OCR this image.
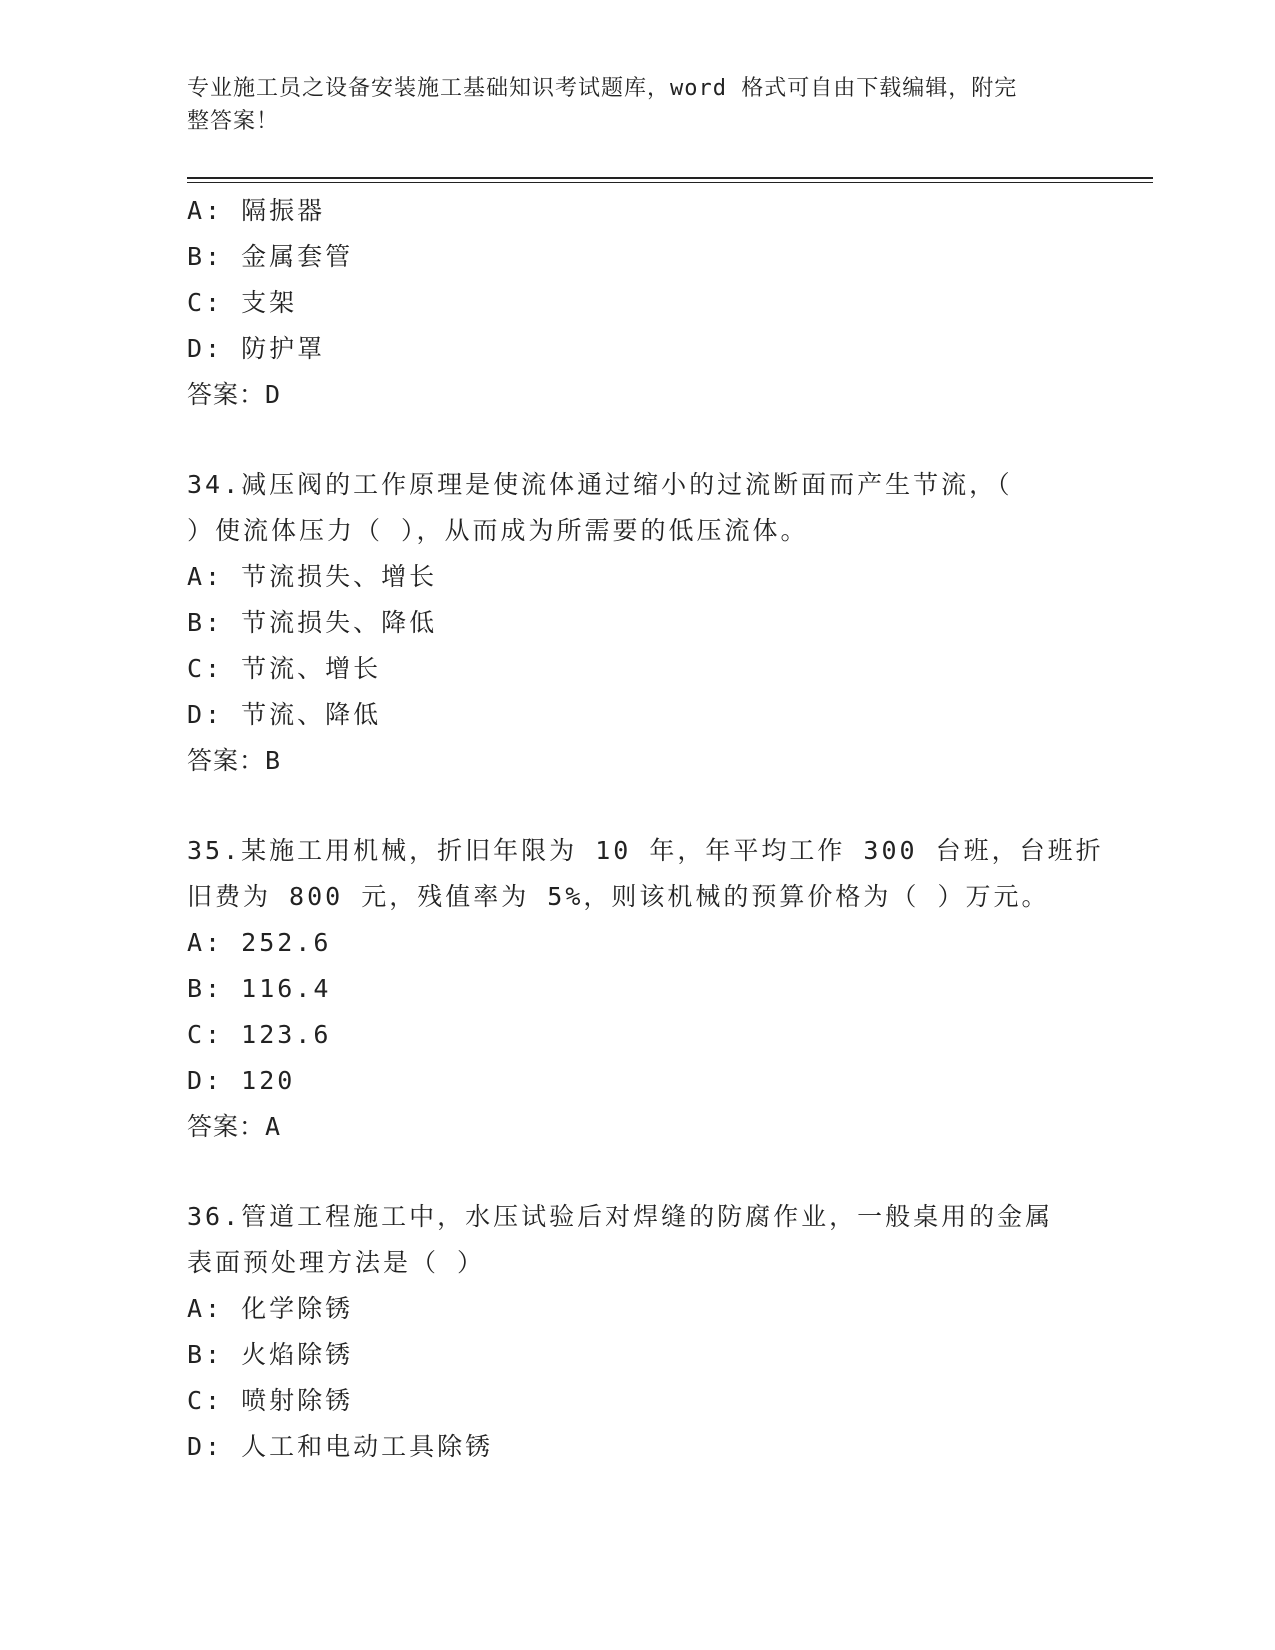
专业施工员之设备安装施工基础知识考试题库，word 格式可自由下载编辑，附完
整答案！
A: 隔振器
B: 金属套管
C: 支架
D: 防护罩
答案：D
34.减压阀的工作原理是使流体通过缩小的过流断面而产生节流，（
）使流体压力（ ），从而成为所需要的低压流体。
A: 节流损失、增长
B: 节流损失、降低
C: 节流、增长
D: 节流、降低
答案：B
35.某施工用机械，折旧年限为 10 年，年平均工作 300 台班，台班折
旧费为 800 元，残值率为 5%，则该机械的预算价格为（ ）万元。
A: 252.6
B: 116.4
C: 123.6
D: 120
答案：A
36.管道工程施工中，水压试验后对焊缝的防腐作业，一般桌用的金属
表面预处理方法是（ ）
A: 化学除锈
B: 火焰除锈
C: 喷射除锈
D: 人工和电动工具除锈
